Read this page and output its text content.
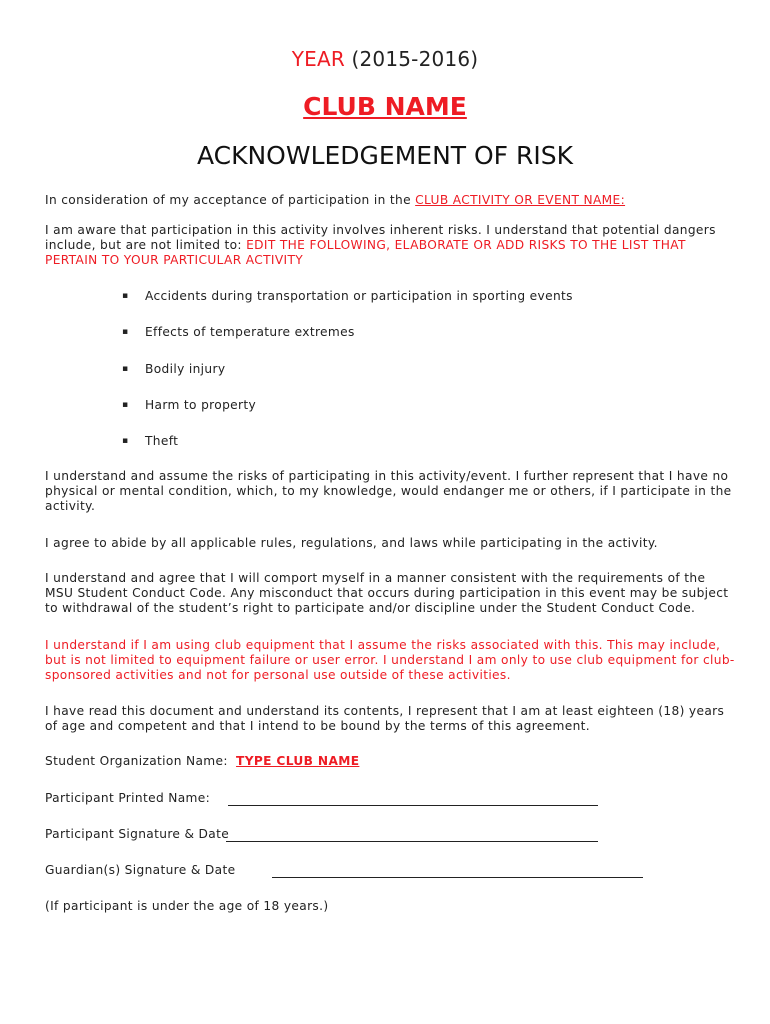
YEAR (2015-2016)
CLUB NAME
ACKNOWLEDGEMENT OF RISK

In consideration of my acceptance of participation in the CLUB ACTIVITY OR EVENT NAME:

I am aware that participation in this activity involves inherent risks. I understand that potential dangers include, but are not limited to: EDIT THE FOLLOWING, ELABORATE OR ADD RISKS TO THE LIST THAT PERTAIN TO YOUR PARTICULAR ACTIVITY

▪ Accidents during transportation or participation in sporting events
▪ Effects of temperature extremes
▪ Bodily injury
▪ Harm to property
▪ Theft

I understand and assume the risks of participating in this activity/event. I further represent that I have no physical or mental condition, which, to my knowledge, would endanger me or others, if I participate in the activity.

I agree to abide by all applicable rules, regulations, and laws while participating in the activity.

I understand and agree that I will comport myself in a manner consistent with the requirements of the MSU Student Conduct Code. Any misconduct that occurs during participation in this event may be subject to withdrawal of the student’s right to participate and/or discipline under the Student Conduct Code.

I understand if I am using club equipment that I assume the risks associated with this. This may include, but is not limited to equipment failure or user error. I understand I am only to use club equipment for club-sponsored activities and not for personal use outside of these activities.

I have read this document and understand its contents, I represent that I am at least eighteen (18) years of age and competent and that I intend to be bound by the terms of this agreement.

Student Organization Name: TYPE CLUB NAME
Participant Printed Name:
Participant Signature & Date
Guardian(s) Signature & Date
(If participant is under the age of 18 years.)
